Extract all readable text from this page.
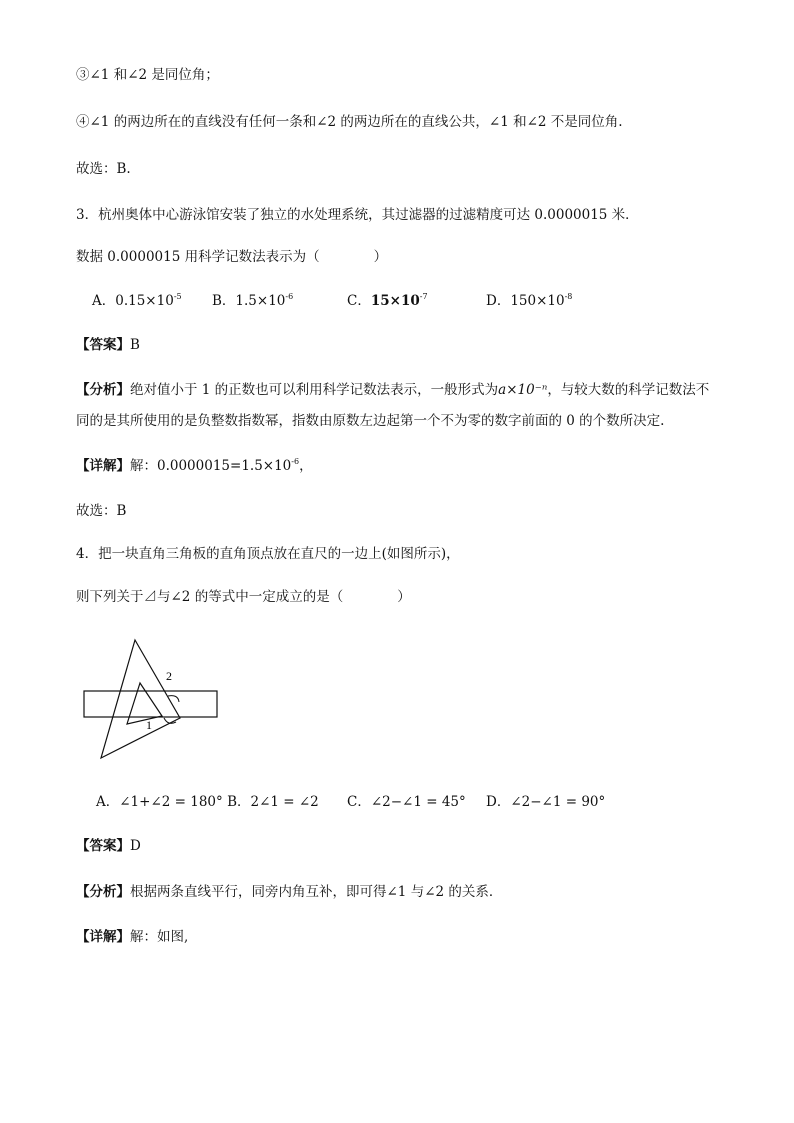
③∠1 和∠2 是同位角；
④∠1 的两边所在的直线没有任何一条和∠2 的两边所在的直线公共，∠1 和∠2 不是同位角.
故选：B.
3．杭州奥体中心游泳馆安装了独立的水处理系统，其过滤器的过滤精度可达 0.0000015 米．
数据 0.0000015 用科学记数法表示为（　　　　）
A．$0.15\times 10^{-5}$ B．$1.5\times 10^{-6}$	C．$15\times 10^{-7}$	D．$150\times 10^{-8}$
【答案】B
【分析】绝对值小于 1 的正数也可以利用科学记数法表示，一般形式为a×10⁻ⁿ，与较大数的科学记数法不
同的是其所使用的是负整数指数幂，指数由原数左边起第一个不为零的数字前面的 0 的个数所决定.
【详解】解：$0.0000015=1.5\times 10^{-6}$，
故选：B
4．把一块直角三角板的直角顶点放在直尺的一边上(如图所示)，
则下列关于⊿与∠2 的等式中一定成立的是（　　　　）
2
1
A．∠1+∠2 = 180° B．2∠1 = ∠2 C．∠2−∠1 = 45° D．∠2−∠1 = 90°
【答案】D
【分析】根据两条直线平行，同旁内角互补，即可得∠1 与∠2 的关系．
【详解】解：如图,
